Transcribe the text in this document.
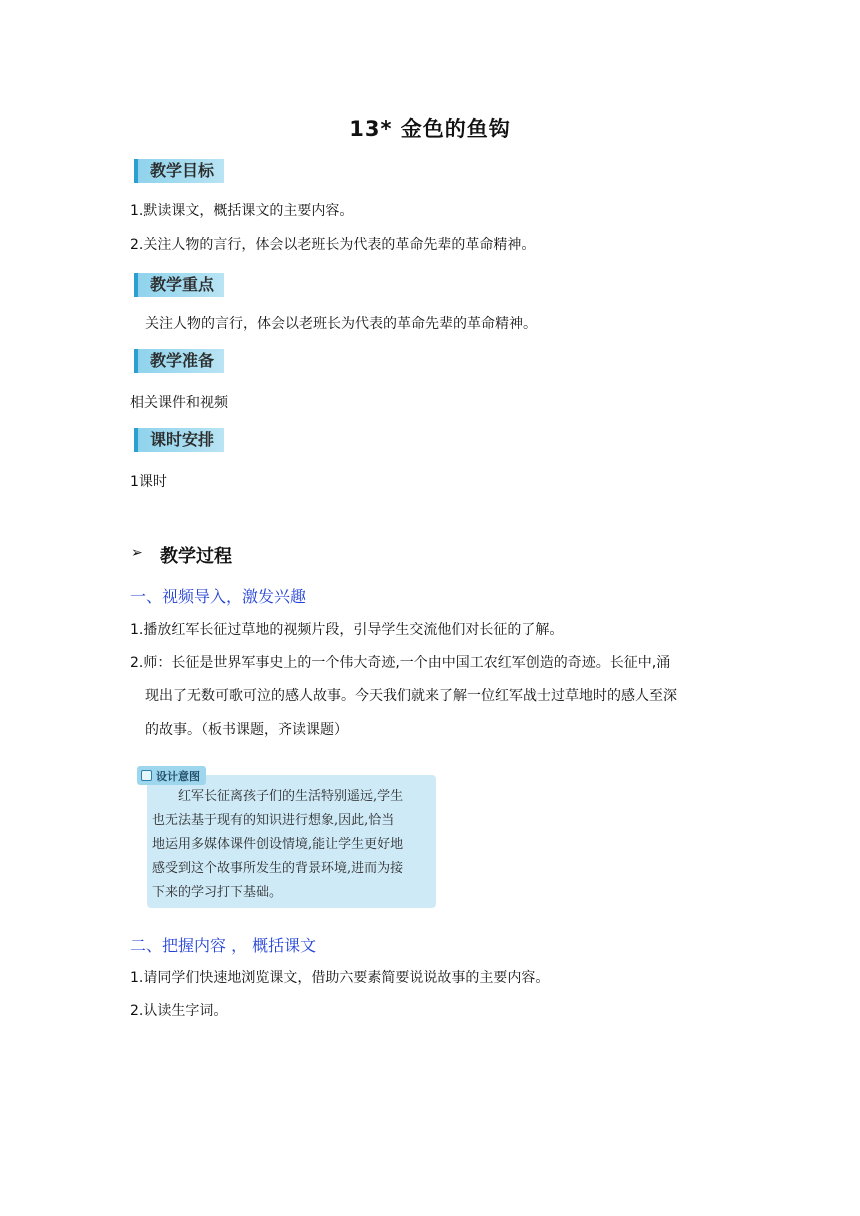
13* 金色的鱼钩
教学目标
1.默读课文，概括课文的主要内容。
2.关注人物的言行，体会以老班长为代表的革命先辈的革命精神。
教学重点
关注人物的言行，体会以老班长为代表的革命先辈的革命精神。
教学准备
相关课件和视频
课时安排
1课时
➢ 教学过程
一、视频导入，激发兴趣
1.播放红军长征过草地的视频片段，引导学生交流他们对长征的了解。
2.师：长征是世界军事史上的一个伟大奇迹,一个由中国工农红军创造的奇迹。长征中,涌
现出了无数可歌可泣的感人故事。今天我们就来了解一位红军战士过草地时的感人至深
的故事。（板书课题，齐读课题）
设计意图

　　红军长征离孩子们的生活特别遥远,学生

也无法基于现有的知识进行想象,因此,恰当

地运用多媒体课件创设情境,能让学生更好地

感受到这个故事所发生的背景环境,进而为接

下来的学习打下基础。

二、把握内容 ， 概括课文
1.请同学们快速地浏览课文，借助六要素简要说说故事的主要内容。
2.认读生字词。
